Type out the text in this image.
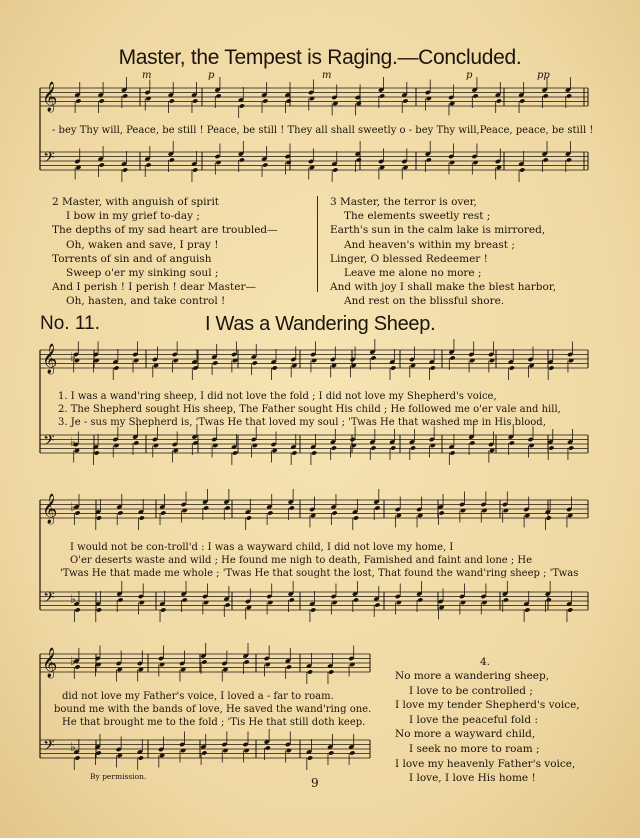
𝄞
𝄢
𝄞
𝄢
𝄞
𝄢
𝄞
𝄢
♭
♭
♭
♭
♭
♭
Master, the Tempest is Raging.—Concluded.
m	p	m	p	pp
- bey Thy will, Peace, be still ! Peace, be still ! They all shall sweetly o - bey Thy will,Peace, peace, be still !
2 Master, with anguish of spirit
I bow in my grief to-day ;
The depths of my sad heart are troubled—
Oh, waken and save, I pray !
Torrents of sin and of anguish
Sweep o'er my sinking soul ;
And I perish ! I perish ! dear Master—
Oh, hasten, and take control !
3 Master, the terror is over,
The elements sweetly rest ;
Earth's sun in the calm lake is mirrored,
And heaven's within my breast ;
Linger, O blessed Redeemer !
Leave me alone no more ;
And with joy I shall make the blest harbor,
And rest on the blissful shore.
No. 11.	I Was a Wandering Sheep.
1. I was a wand'ring sheep, I did not love the fold ; I did not love my Shepherd's voice,
2. The Shepherd sought His sheep, The Father sought His child ; He followed me o'er vale and hill,
3. Je - sus my Shepherd is, 'Twas He that loved my soul ; 'Twas He that washed me in His blood,
I would not be con-troll'd : I was a wayward child, I did not love my home, I
O'er deserts waste and wild ; He found me nigh to death, Famished and faint and lone ; He
'Twas He that made me whole ; 'Twas He that sought the lost, That found the wand'ring sheep ; 'Twas
did not love my Father's voice, I loved a - far to roam.
bound me with the bands of love, He saved the wand'ring one.
He that brought me to the fold ; 'Tis He that still doth keep.
4.
No more a wandering sheep,
I love to be controlled ;
I love my tender Shepherd's voice,
I love the peaceful fold :
No more a wayward child,
I seek no more to roam ;
I love my heavenly Father's voice,
I love, I love His home !
By permission.	9
